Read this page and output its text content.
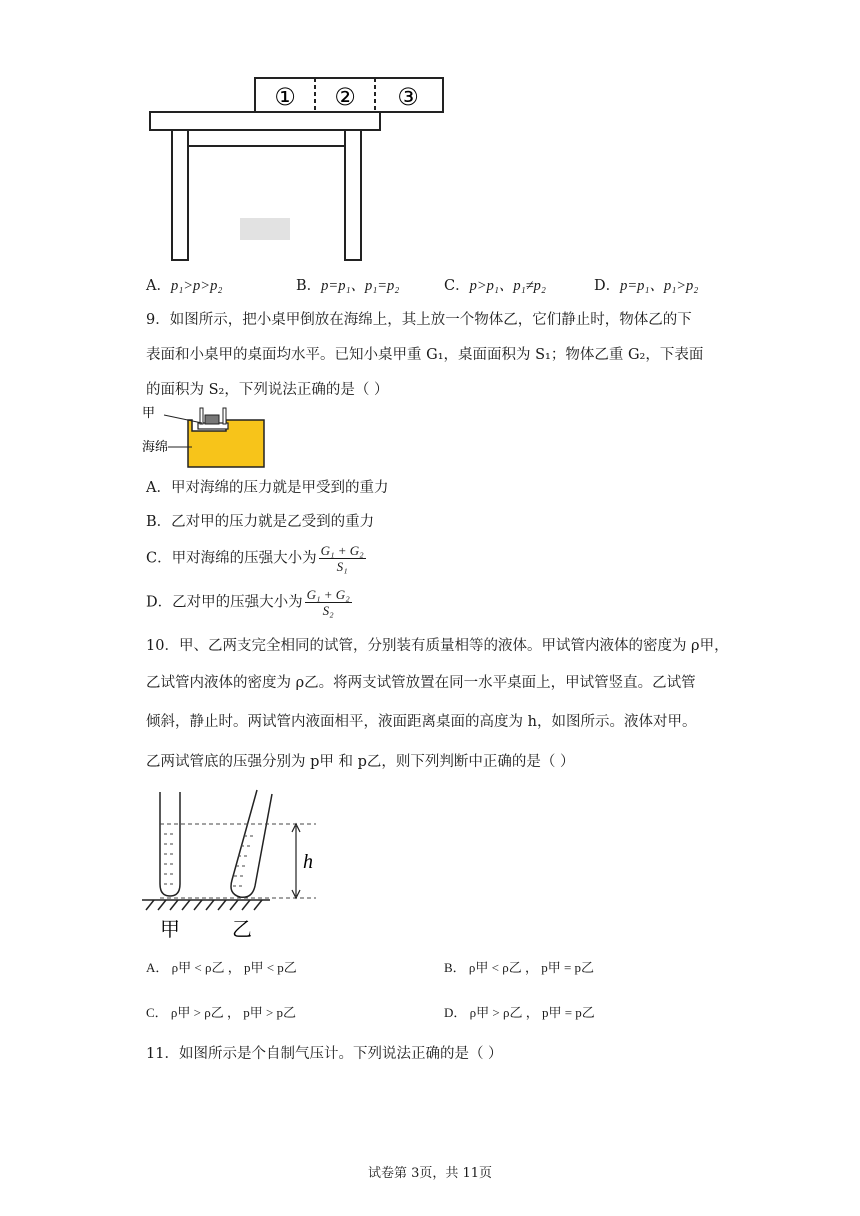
① ② ③
A．p₁>p>p₂	B．p=p₁、p₁=p₂	C．p>p₁、p₁≠p₂	D．p=p₁、p₁>p₂
9．如图所示，把小桌甲倒放在海绵上，其上放一个物体乙，它们静止时，物体乙的下
表面和小桌甲的桌面均水平。已知小桌甲重 G₁，桌面面积为 S₁；物体乙重 G₂，下表面
的面积为 S₂，下列说法正确的是（ ）
甲
海绵
A．甲对海绵的压力就是甲受到的重力
B．乙对甲的压力就是乙受到的重力
C．甲对海绵的压强大小为 $\frac{\text{G₁ + G₂}}{\text{S₁}}$
D．乙对甲的压强大小为 $\frac{\text{G₁ + G₂}}{\text{S₂}}$
10．甲、乙两支完全相同的试管，分别装有质量相等的液体。甲试管内液体的密度为 ρ甲，
乙试管内液体的密度为 ρ乙。将两支试管放置在同一水平桌面上，甲试管竖直。乙试管
倾斜，静止时。两试管内液面相平，液面距离桌面的高度为 h，如图所示。液体对甲。
乙两试管底的压强分别为 p甲 和 p乙，则下列判断中正确的是（ ）
h
甲	乙
A． ρ甲 < ρ乙 ， p甲 < p乙	B． ρ甲 < ρ乙 ， p甲 = p乙
C． ρ甲 > ρ乙 ， p甲 > p乙	D． ρ甲 > ρ乙 ， p甲 = p乙
11．如图所示是个自制气压计。下列说法正确的是（ ）
试卷第 3页，共 11页
